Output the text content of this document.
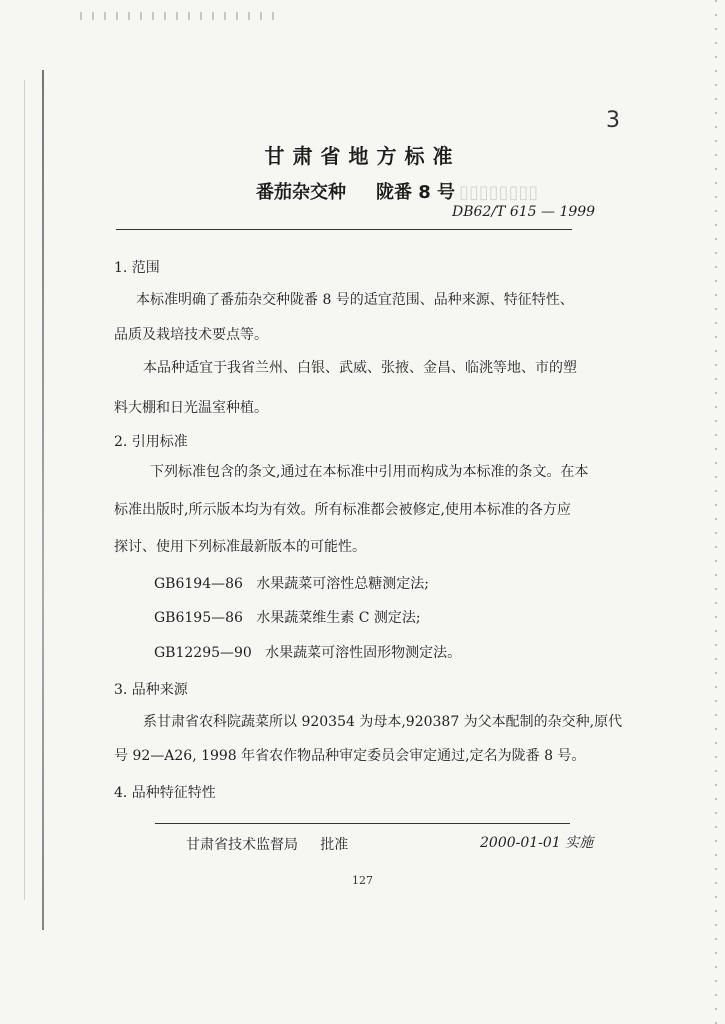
3
甘肃省地方标准
番茄杂交种 陇番 8 号 ▯▯▯▯▯▯▯▯
DB62/T 615 — 1999
1. 范围
本标准明确了番茄杂交种陇番 8 号的适宜范围、品种来源、特征特性、
品质及栽培技术要点等。
本品种适宜于我省兰州、白银、武威、张掖、金昌、临洮等地、市的塑
料大棚和日光温室种植。
2. 引用标准
下列标准包含的条文,通过在本标准中引用而构成为本标准的条文。在本
标准出版时,所示版本均为有效。所有标准都会被修定,使用本标准的各方应
探讨、使用下列标准最新版本的可能性。
GB6194—86   水果蔬菜可溶性总糖测定法;
GB6195—86   水果蔬菜维生素 C 测定法;
GB12295—90   水果蔬菜可溶性固形物测定法。
3. 品种来源
系甘肃省农科院蔬菜所以 920354 为母本,920387 为父本配制的杂交种,原代
号 92—A26, 1998 年省农作物品种审定委员会审定通过,定名为陇番 8 号。
4. 品种特征特性
甘肃省技术监督局     批准	2000-01-01 实施
127
